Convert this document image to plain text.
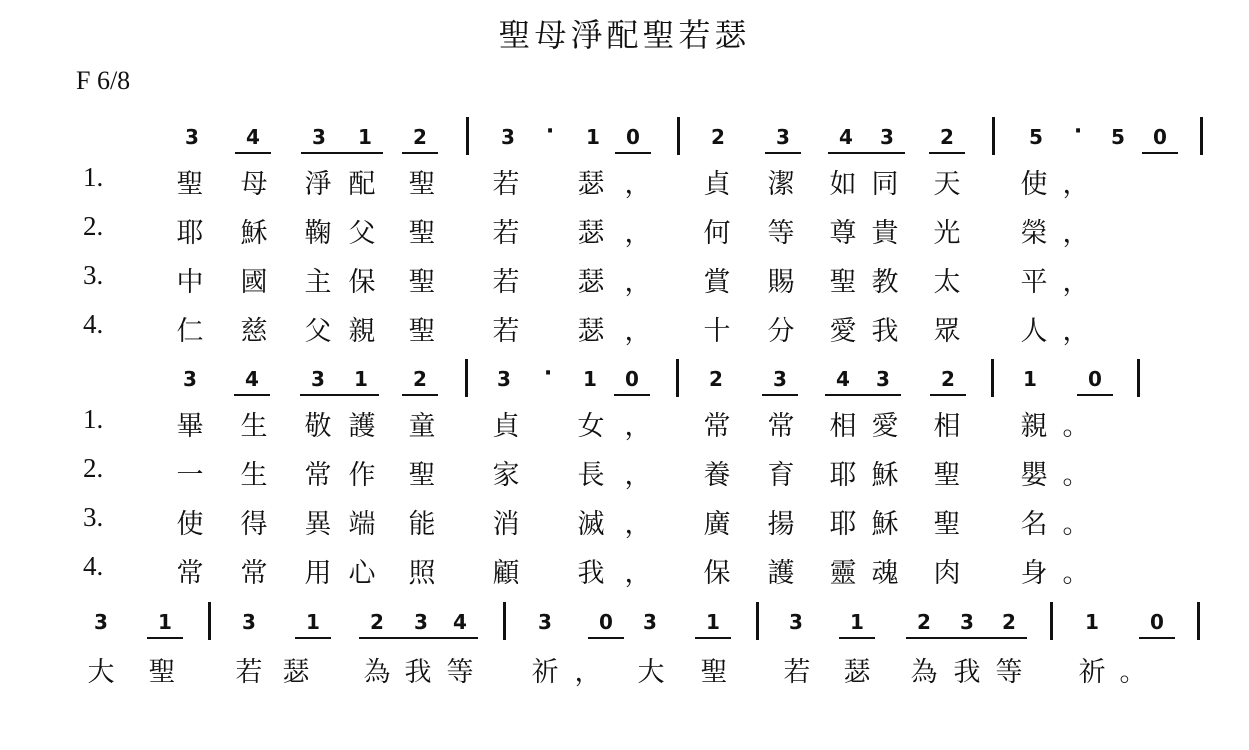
聖母淨配聖若瑟
F 6/8
3 4	3 1 2	3 · 1 0	2	3 4 3 2	5 · 5 0
1.	聖 母 淨 配 聖 若 瑟 ， 貞 潔 如 同 天 使 ，
2.	耶 穌 鞠 父 聖 若 瑟 ， 何 等 尊 貴 光 榮 ，
3.	中 國 主 保 聖 若 瑟 ， 賞 賜 聖 教 太 平 ，
4.	仁 慈 父 親 聖 若 瑟 ， 十 分 愛 我 眾 人 ，
3 4	3 1 2	3 · 1 0	2	3 4 3	2	1	0
1.	畢 生 敬 護 童 貞 女 ， 常 常 相 愛 相 親 。
2.	一 生 常 作 聖 家 長 ， 養 育 耶 穌 聖 嬰 。
3.	使 得 異 端 能 消 滅 ， 廣 揚 耶 穌 聖 名 。
4.	常 常 用 心 照 顧 我 ， 保 護 靈 魂 肉 身 。
3	1	3	1	2 3 4	3 0 3 1	3 1	2 3 2	1	0
大 聖 若 瑟 為 我 等 祈 ， 大 聖 若 瑟 為 我 等 祈 。
